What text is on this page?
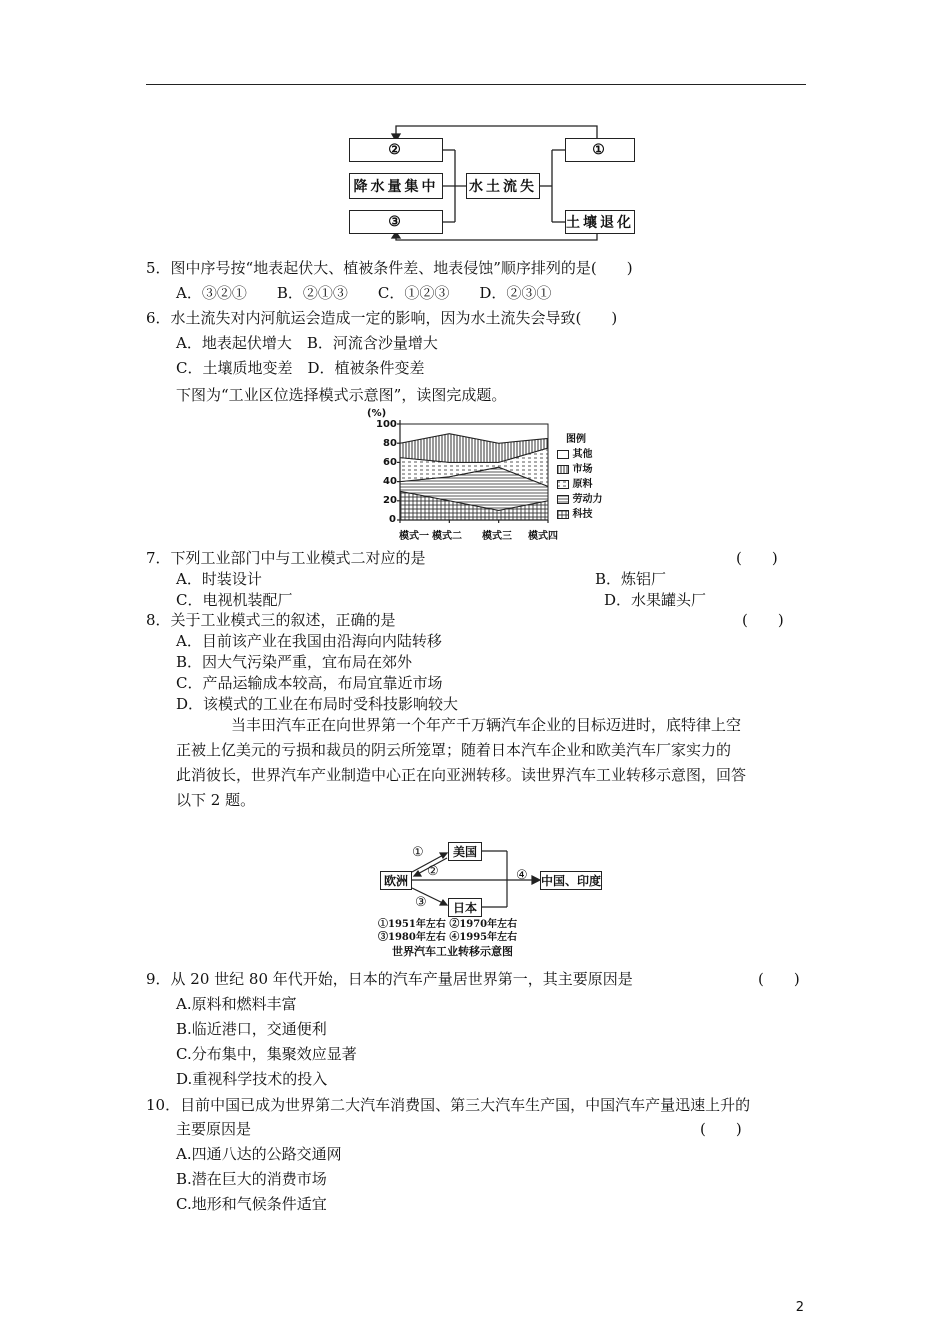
②	①
降水量集中	水土流失
③	土壤退化
5．图中序号按“地表起伏大、植被条件差、地表侵蚀”顺序排列的是(　　)
A．③②①　　B．②①③　　C．①②③　　D．②③①
6．水土流失对内河航运会造成一定的影响，因为水土流失会导致(　　)
A．地表起伏增大　B．河流含沙量增大
C．土壤质地变差　D．植被条件变差
下图为“工业区位选择模式示意图”，读图完成题。
(%)
100
80
60
40
20
0
模式一 模式二 模式三 模式四
图例
其他
市场
原料
劳动力
科技
7．下列工业部门中与工业模式二对应的是	(　　)
A．时装设计	B．炼铝厂
C．电视机装配厂	D．水果罐头厂
8．关于工业模式三的叙述，正确的是	(　　)
A．目前该产业在我国由沿海向内陆转移
B．因大气污染严重，宜布局在郊外
C．产品运输成本较高，布局宜靠近市场
D．该模式的工业在布局时受科技影响较大
当丰田汽车正在向世界第一个年产千万辆汽车企业的目标迈进时，底特律上空
正被上亿美元的亏损和裁员的阴云所笼罩；随着日本汽车企业和欧美汽车厂家实力的
此消彼长，世界汽车产业制造中心正在向亚洲转移。读世界汽车工业转移示意图，回答
以下 2 题。
欧洲
美国
日本
中国、印度
①
②
③
④
①1951年左右 ②1970年左右
③1980年左右 ④1995年左右
世界汽车工业转移示意图
9．从 20 世纪 80 年代开始，日本的汽车产量居世界第一，其主要原因是	(　　)
A.原料和燃料丰富
B.临近港口，交通便利
C.分布集中，集聚效应显著
D.重视科学技术的投入
10．目前中国已成为世界第二大汽车消费国、第三大汽车生产国，中国汽车产量迅速上升的
主要原因是	(　　)
A.四通八达的公路交通网
B.潜在巨大的消费市场
C.地形和气候条件适宜
2
